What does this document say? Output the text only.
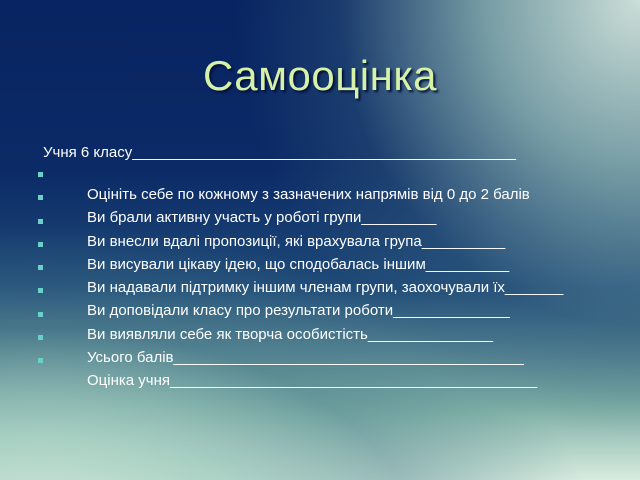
Самооцінка
Учня 6 класу______________________________________________

Оцініть себе по кожному з зазначених напрямів від 0 до 2 балів

Ви брали активну участь у роботі групи_________

Ви внесли вдалі пропозиції, які врахувала група__________

Ви висували цікаву ідею, що сподобалась іншим__________

Ви надавали підтримку іншим членам групи, заохочували їх_______

Ви доповідали класу про результати роботи______________

Ви виявляли себе як творча особистість_______________

Усього балів__________________________________________

Оцінка учня____________________________________________
